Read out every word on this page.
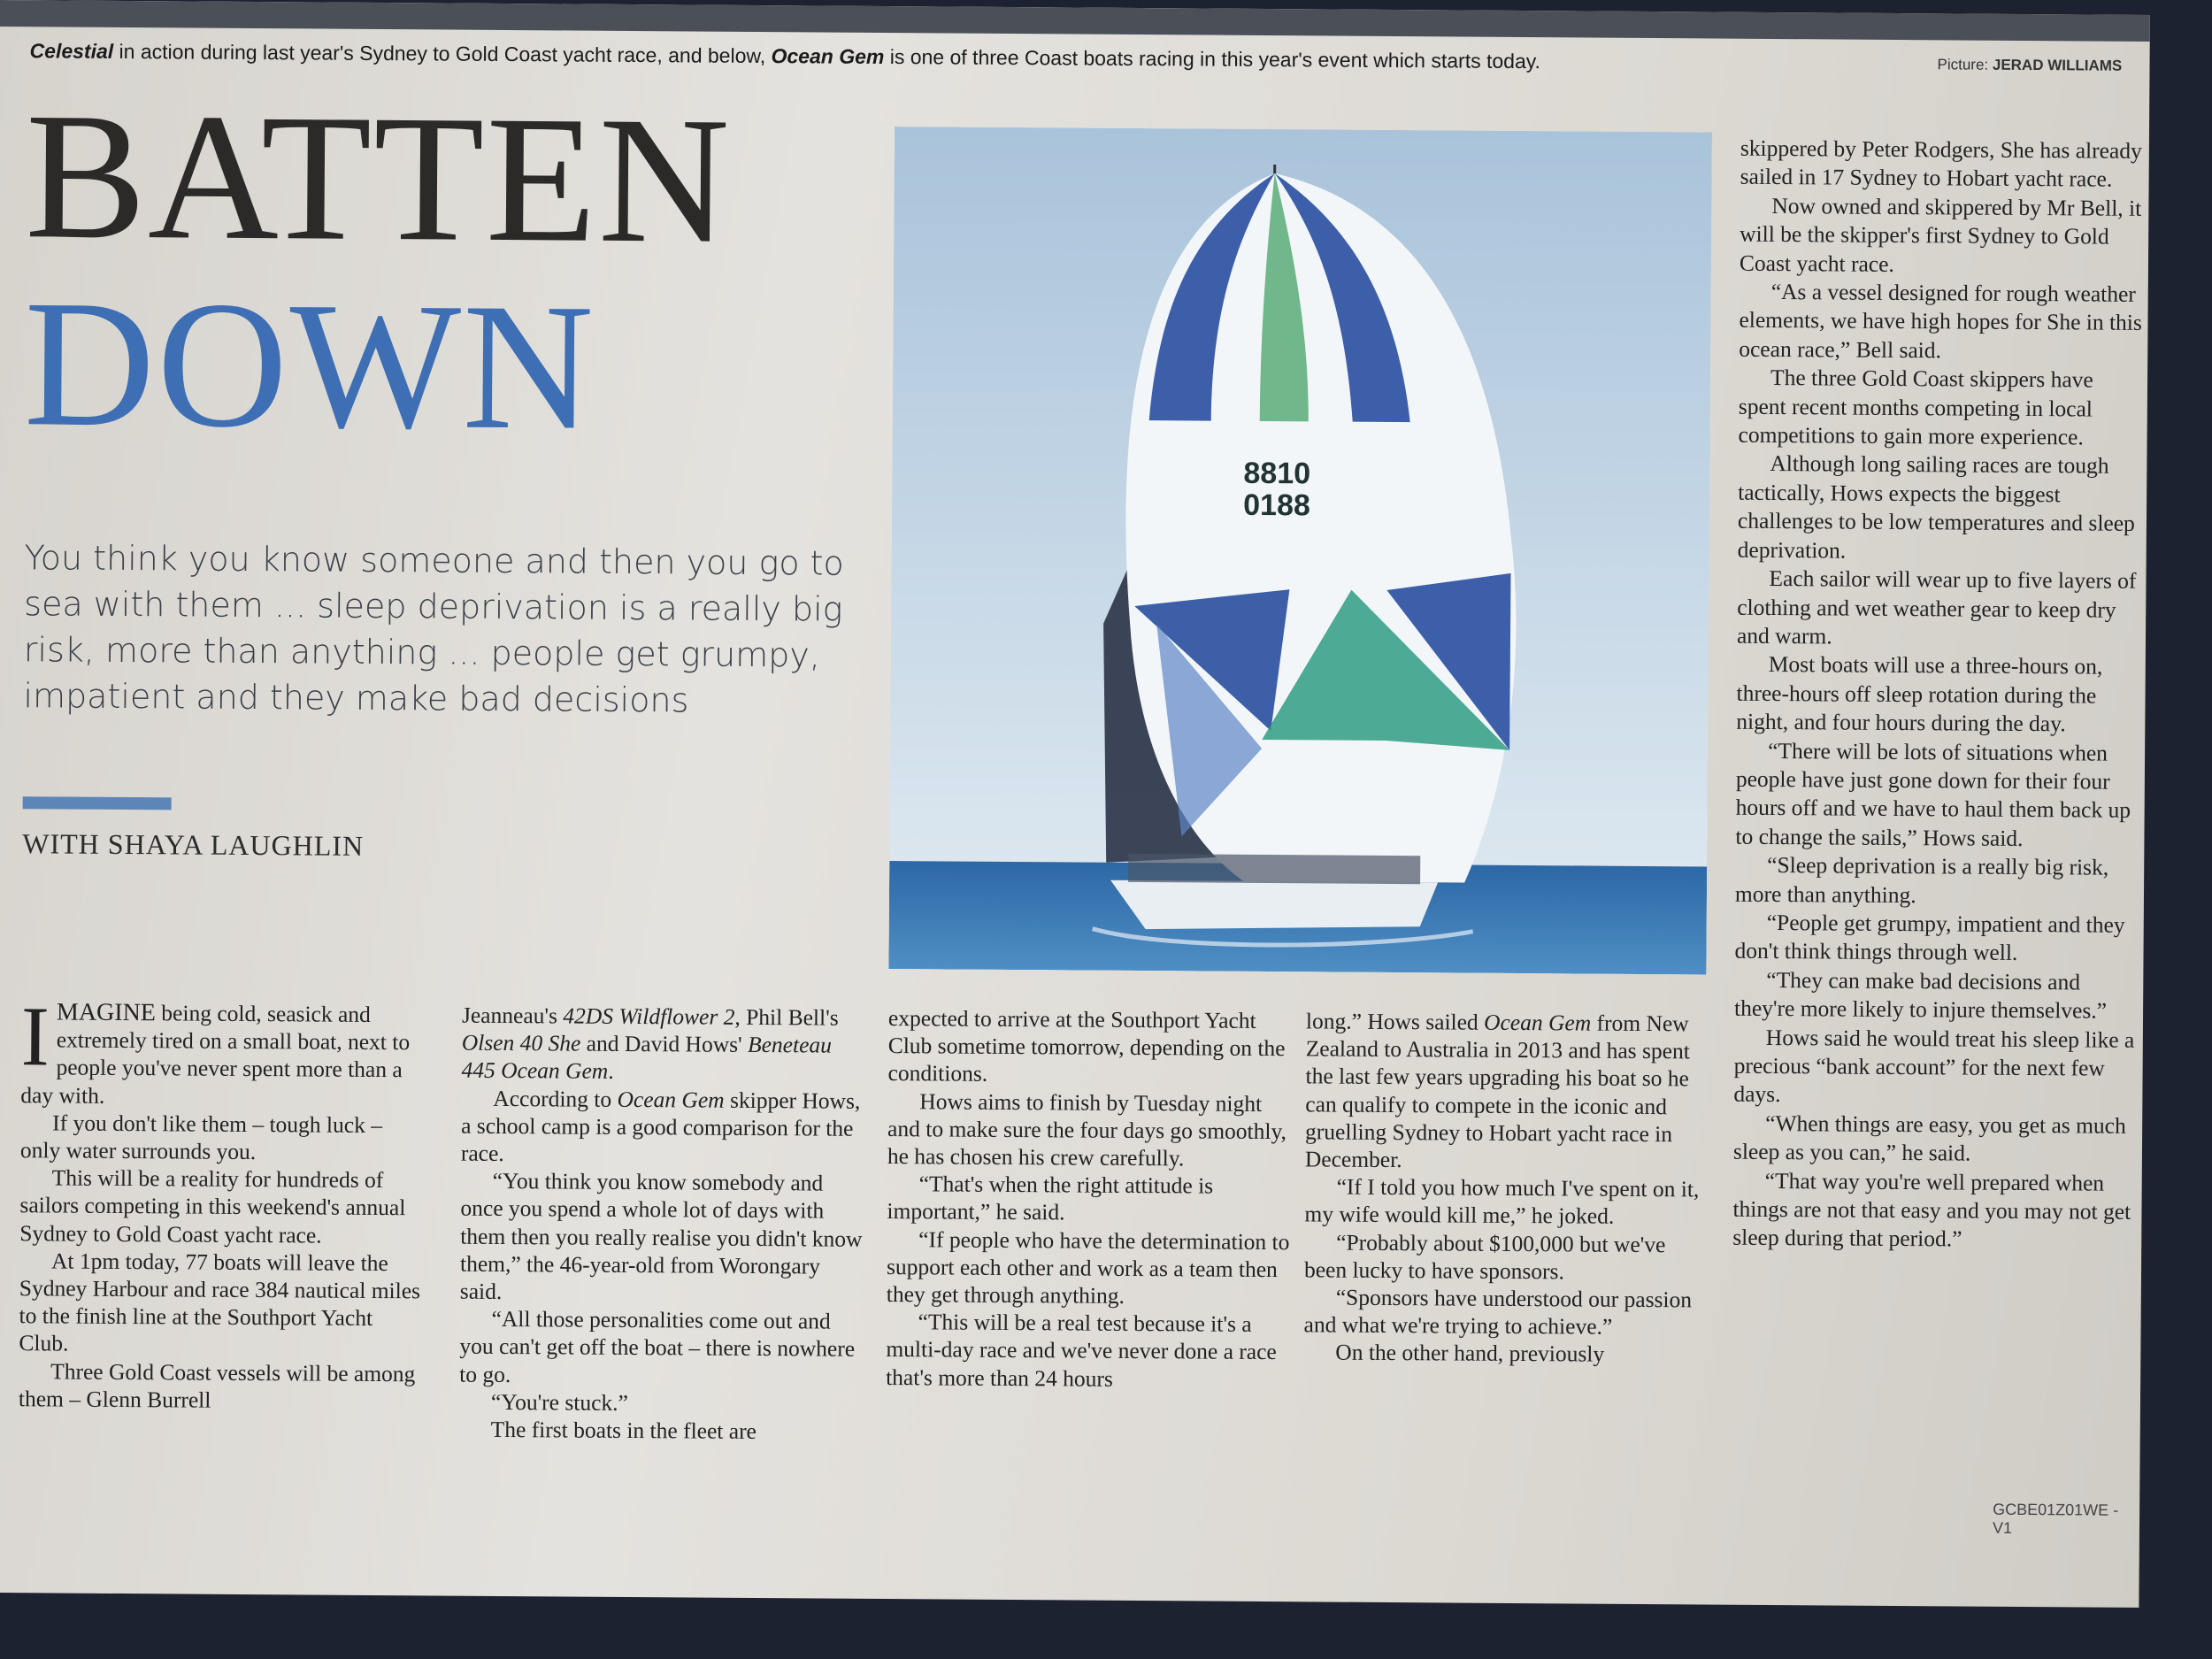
Celestial in action during last year's Sydney to Gold Coast yacht race, and below, Ocean Gem is one of three Coast boats racing in this year's event which starts today.	Picture: JERAD WILLIAMS
BATTEN
DOWN
You think you know someone and then you go to sea with them ... sleep deprivation is a really big risk, more than anything ... people get grumpy, impatient and they make bad decisions
WITH SHAYA LAUGHLIN
8810
0188

IMAGINE being cold, seasick and extremely tired on a small boat, next to people you've never spent more than a day with.

If you don't like them – tough luck – only water surrounds you.

This will be a reality for hundreds of sailors competing in this weekend's annual Sydney to Gold Coast yacht race.

At 1pm today, 77 boats will leave the Sydney Harbour and race 384 nautical miles to the finish line at the Southport Yacht Club.

Three Gold Coast vessels will be among them – Glenn Burrell

Jeanneau's 42DS Wildflower 2, Phil Bell's Olsen 40 She and David Hows' Beneteau 445 Ocean Gem.

According to Ocean Gem skipper Hows, a school camp is a good comparison for the race.

“You think you know somebody and once you spend a whole lot of days with them then you really realise you didn't know them,” the 46-year-old from Worongary said.

“All those personalities come out and you can't get off the boat – there is nowhere to go.

“You're stuck.”

The first boats in the fleet are

expected to arrive at the Southport Yacht Club sometime tomorrow, depending on the conditions.

Hows aims to finish by Tuesday night and to make sure the four days go smoothly, he has chosen his crew carefully.

“That's when the right attitude is important,” he said.

“If people who have the determination to support each other and work as a team then they get through anything.

“This will be a real test because it's a multi-day race and we've never done a race that's more than 24 hours

long.” Hows sailed Ocean Gem from New Zealand to Australia in 2013 and has spent the last few years upgrading his boat so he can qualify to compete in the iconic and gruelling Sydney to Hobart yacht race in December.

“If I told you how much I've spent on it, my wife would kill me,” he joked.

“Probably about $100,000 but we've been lucky to have sponsors.

“Sponsors have understood our passion and what we're trying to achieve.”

On the other hand, previously

skippered by Peter Rodgers, She has already sailed in 17 Sydney to Hobart yacht race.

Now owned and skippered by Mr Bell, it will be the skipper's first Sydney to Gold Coast yacht race.

“As a vessel designed for rough weather elements, we have high hopes for She in this ocean race,” Bell said.

The three Gold Coast skippers have spent recent months competing in local competitions to gain more experience.

Although long sailing races are tough tactically, Hows expects the biggest challenges to be low temperatures and sleep deprivation.

Each sailor will wear up to five layers of clothing and wet weather gear to keep dry and warm.

Most boats will use a three-hours on, three-hours off sleep rotation during the night, and four hours during the day.

“There will be lots of situations when people have just gone down for their four hours off and we have to haul them back up to change the sails,” Hows said.

“Sleep deprivation is a really big risk, more than anything.

“People get grumpy, impatient and they don't think things through well.

“They can make bad decisions and they're more likely to injure themselves.”

Hows said he would treat his sleep like a precious “bank account” for the next few days.

“When things are easy, you get as much sleep as you can,” he said.

“That way you're well prepared when things are not that easy and you may not get sleep during that period.”

GCBE01Z01WE - V1
